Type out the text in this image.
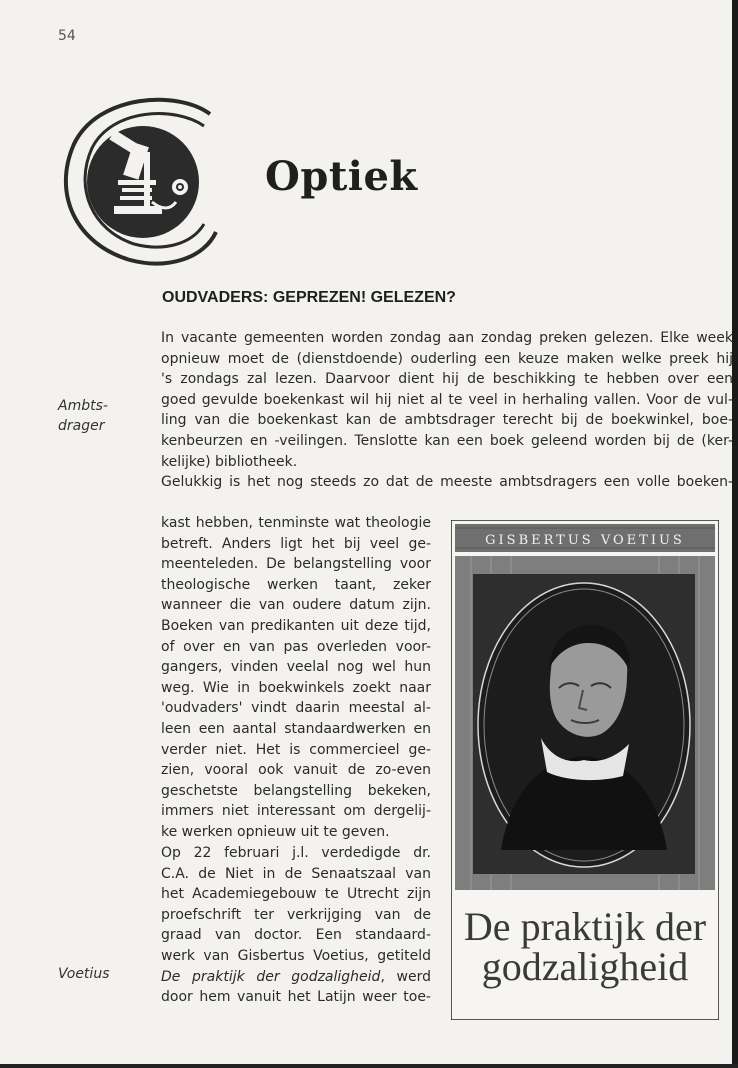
54
Optiek
OUDVADERS: GEPREZEN! GELEZEN?
Ambts-
drager
Voetius
In vacante gemeenten worden zondag aan zondag preken gelezen. Elke week
opnieuw moet de (dienstdoende) ouderling een keuze maken welke preek hij
's zondags zal lezen. Daarvoor dient hij de beschikking te hebben over een
goed gevulde boekenkast wil hij niet al te veel in herhaling vallen. Voor de vul-
ling van die boekenkast kan de ambtsdrager terecht bij de boekwinkel, boe-
kenbeurzen en -veilingen. Tenslotte kan een boek geleend worden bij de (ker-
kelijke) bibliotheek.
Gelukkig is het nog steeds zo dat de meeste ambtsdragers een volle boeken-
kast hebben, tenminste wat theologie
betreft. Anders ligt het bij veel ge-
meenteleden. De belangstelling voor
theologische werken taant, zeker
wanneer die van oudere datum zijn.
Boeken van predikanten uit deze tijd,
of over en van pas overleden voor-
gangers, vinden veelal nog wel hun
weg. Wie in boekwinkels zoekt naar
'oudvaders' vindt daarin meestal al-
leen een aantal standaardwerken en
verder niet. Het is commercieel ge-
zien, vooral ook vanuit de zo-even
geschetste belangstelling bekeken,
immers niet interessant om dergelij-
ke werken opnieuw uit te geven.
Op 22 februari j.l. verdedigde dr.
C.A. de Niet in de Senaatszaal van
het Academiegebouw te Utrecht zijn
proefschrift ter verkrijging van de
graad van doctor. Een standaard-
werk van Gisbertus Voetius, getiteld
De praktijk der godzaligheid, werd
door hem vanuit het Latijn weer toe-
GISBERTUS VOETIUS
De praktijk der
godzaligheid
